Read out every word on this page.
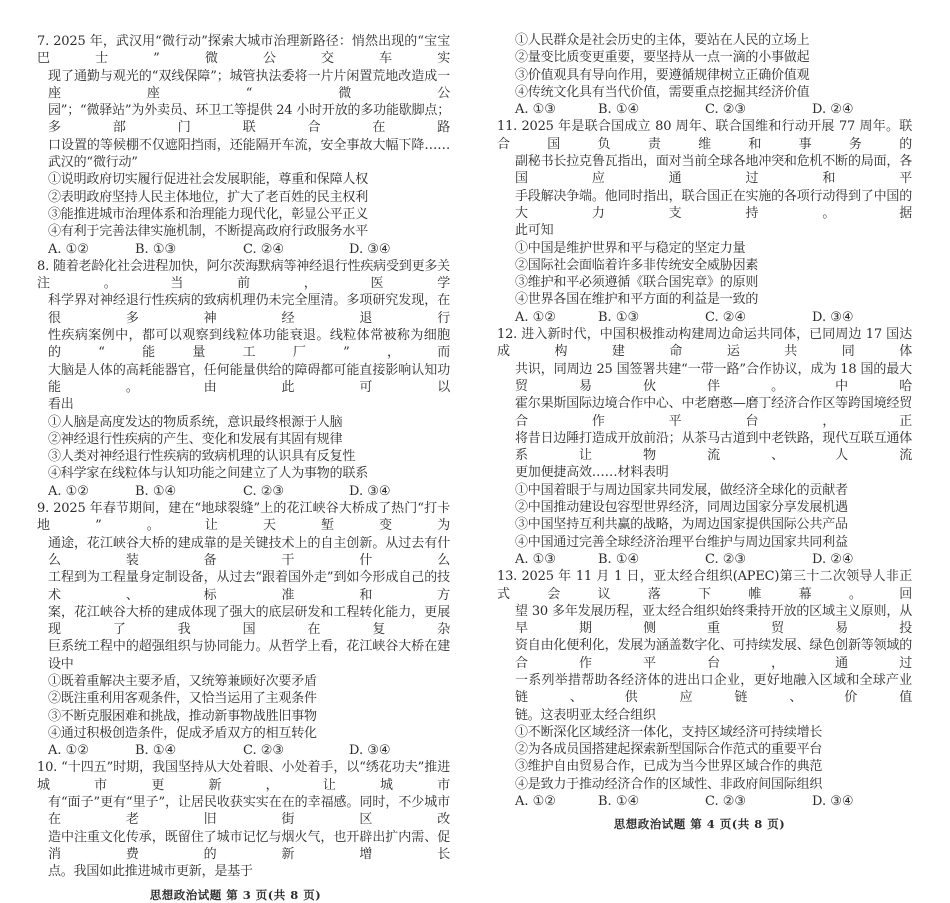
7. 2025 年，武汉用“微行动”探索大城市治理新路径：悄然出现的“宝宝巴士”微公交车实
现了通勤与观光的“双线保障”；城管执法委将一片片闲置荒地改造成一座座“微公
园”；“微驿站”为外卖员、环卫工等提供 24 小时开放的多功能歇脚点；多部门联合在路
口设置的等候棚不仅遮阳挡雨，还能隔开车流，安全事故大幅下降……武汉的“微行动”
①说明政府切实履行促进社会发展职能，尊重和保障人权
②表明政府坚持人民主体地位，扩大了老百姓的民主权利
③能推进城市治理体系和治理能力现代化，彰显公平正义
④有利于完善法律实施机制，不断提高政府行政服务水平
A. ①②	B. ①③	C. ②④	D. ③④
8. 随着老龄化社会进程加快，阿尔茨海默病等神经退行性疾病受到更多关注。当前，医学
科学界对神经退行性疾病的致病机理仍未完全厘清。多项研究发现，在很多神经退行
性疾病案例中，都可以观察到线粒体功能衰退。线粒体常被称为细胞的“能量工厂”，而
大脑是人体的高耗能器官，任何能量供给的障碍都可能直接影响认知功能。由此可以
看出
①人脑是高度发达的物质系统，意识最终根源于人脑
②神经退行性疾病的产生、变化和发展有其固有规律
③人类对神经退行性疾病的致病机理的认识具有反复性
④科学家在线粒体与认知功能之间建立了人为事物的联系
A. ①②	B. ①④	C. ②③	D. ③④
9. 2025 年春节期间，建在“地球裂缝”上的花江峡谷大桥成了热门“打卡地”。让天堑变为
通途，花江峡谷大桥的建成靠的是关键技术上的自主创新。从过去有什么装备干什么
工程到为工程量身定制设备，从过去“跟着国外走”到如今形成自己的技术、标准和方
案，花江峡谷大桥的建成体现了强大的底层研发和工程转化能力，更展现了我国在复杂
巨系统工程中的超强组织与协同能力。从哲学上看，花江峡谷大桥在建设中
①既着重解决主要矛盾，又统筹兼顾好次要矛盾
②既注重利用客观条件，又恰当运用了主观条件
③不断克服困难和挑战，推动新事物战胜旧事物
④通过积极创造条件，促成矛盾双方的相互转化
A. ①②	B. ①④	C. ②③	D. ③④
10. “十四五”时期，我国坚持从大处着眼、小处着手，以“绣花功夫”推进城市更新，让城市
有“面子”更有“里子”，让居民收获实实在在的幸福感。同时，不少城市在老旧街区改
造中注重文化传承，既留住了城市记忆与烟火气，也开辟出扩内需、促消费的新增长
点。我国如此推进城市更新，是基于
思想政治试题 第 3 页(共 8 页)
①人民群众是社会历史的主体，要站在人民的立场上
②量变比质变更重要，要坚持从一点一滴的小事做起
③价值观具有导向作用，要遵循规律树立正确价值观
④传统文化具有当代价值，需要重点挖掘其经济价值
A. ①③	B. ①④	C. ②③	D. ②④
11. 2025 年是联合国成立 80 周年、联合国维和行动开展 77 周年。联合国负责维和事务的
副秘书长拉克鲁瓦指出，面对当前全球各地冲突和危机不断的局面，各国应通过和平
手段解决争端。他同时指出，联合国正在实施的各项行动得到了中国的大力支持。据
此可知
①中国是维护世界和平与稳定的坚定力量
②国际社会面临着许多非传统安全威胁因素
③维护和平必须遵循《联合国宪章》的原则
④世界各国在维护和平方面的利益是一致的
A. ①②	B. ①③	C. ②④	D. ③④
12. 进入新时代，中国积极推动构建周边命运共同体，已同周边 17 国达成构建命运共同体
共识，同周边 25 国签署共建“一带一路”合作协议，成为 18 国的最大贸易伙伴。中哈
霍尔果斯国际边境合作中心、中老磨憨—磨丁经济合作区等跨国境经贸合作平台，正
将昔日边陲打造成开放前沿；从茶马古道到中老铁路，现代互联互通体系让物流、人流
更加便捷高效……材料表明
①中国着眼于与周边国家共同发展，做经济全球化的贡献者
②中国推动建设包容型世界经济，同周边国家分享发展机遇
③中国坚持互利共赢的战略，为周边国家提供国际公共产品
④中国通过完善全球经济治理平台维护与周边国家共同利益
A. ①③	B. ①④	C. ②③	D. ②④
13. 2025 年 11 月 1 日，亚太经合组织(APEC)第三十二次领导人非正式会议落下帷幕。回
望 30 多年发展历程，亚太经合组织始终秉持开放的区域主义原则，从早期侧重贸易投
资自由化便利化，发展为涵盖数字化、可持续发展、绿色创新等领域的合作平台，通过
一系列举措帮助各经济体的进出口企业，更好地融入区域和全球产业链、供应链、价值
链。这表明亚太经合组织
①不断深化区域经济一体化，支持区域经济可持续增长
②为各成员国搭建起探索新型国际合作范式的重要平台
③维护自由贸易合作，已成为当今世界区域合作的典范
④是致力于推动经济合作的区域性、非政府间国际组织
A. ①②	B. ①④	C. ②③	D. ③④
思想政治试题 第 4 页(共 8 页)
